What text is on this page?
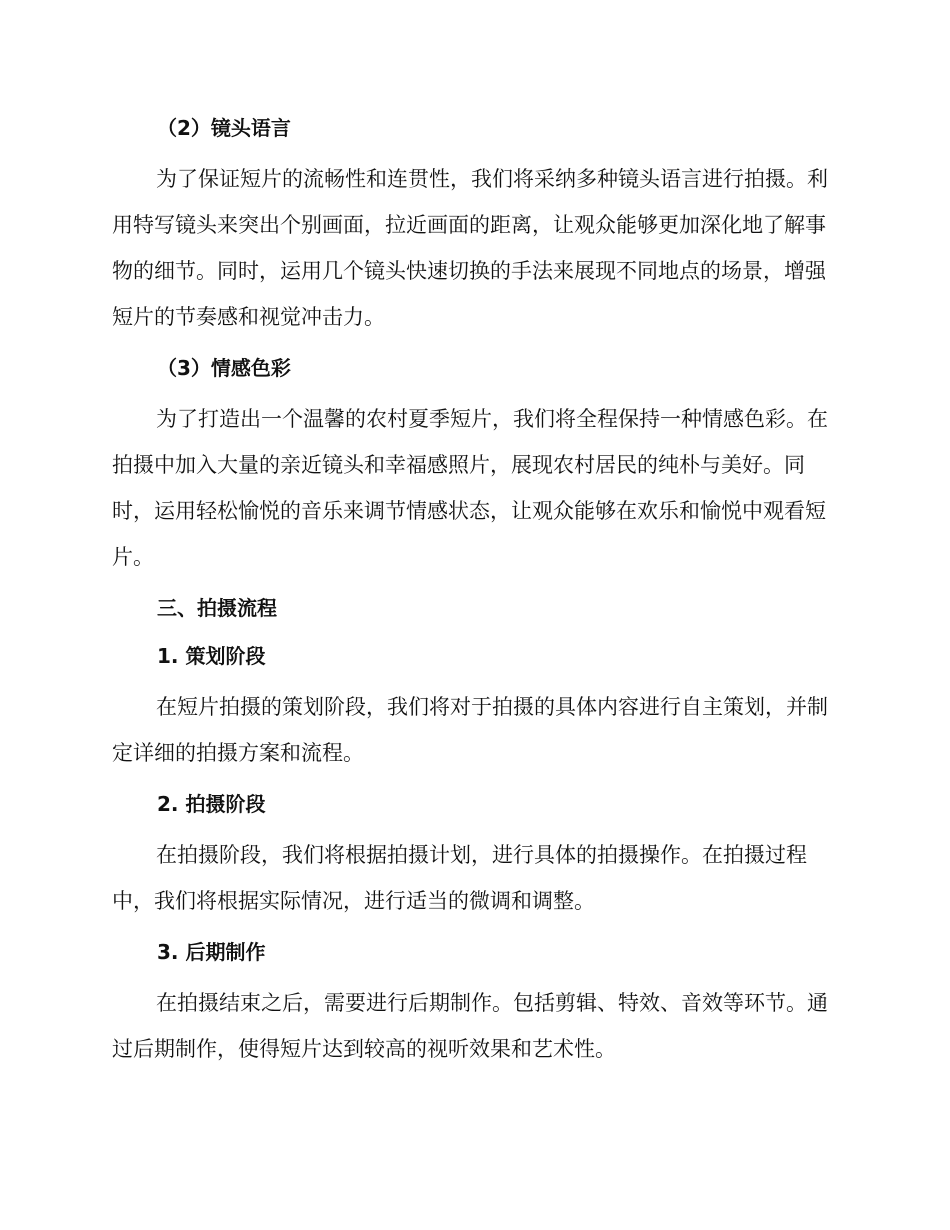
（2）镜头语言

为了保证短片的流畅性和连贯性，我们将采纳多种镜头语言进行拍摄。利用特写镜头来突出个别画面，拉近画面的距离，让观众能够更加深化地了解事物的细节。同时，运用几个镜头快速切换的手法来展现不同地点的场景，增强短片的节奏感和视觉冲击力。

（3）情感色彩

为了打造出一个温馨的农村夏季短片，我们将全程保持一种情感色彩。在拍摄中加入大量的亲近镜头和幸福感照片，展现农村居民的纯朴与美好。同时，运用轻松愉悦的音乐来调节情感状态，让观众能够在欢乐和愉悦中观看短片。

三、拍摄流程
1. 策划阶段

在短片拍摄的策划阶段，我们将对于拍摄的具体内容进行自主策划，并制定详细的拍摄方案和流程。

2. 拍摄阶段

在拍摄阶段，我们将根据拍摄计划，进行具体的拍摄操作。在拍摄过程中，我们将根据实际情况，进行适当的微调和调整。

3. 后期制作

在拍摄结束之后，需要进行后期制作。包括剪辑、特效、音效等环节。通过后期制作，使得短片达到较高的视听效果和艺术性。
